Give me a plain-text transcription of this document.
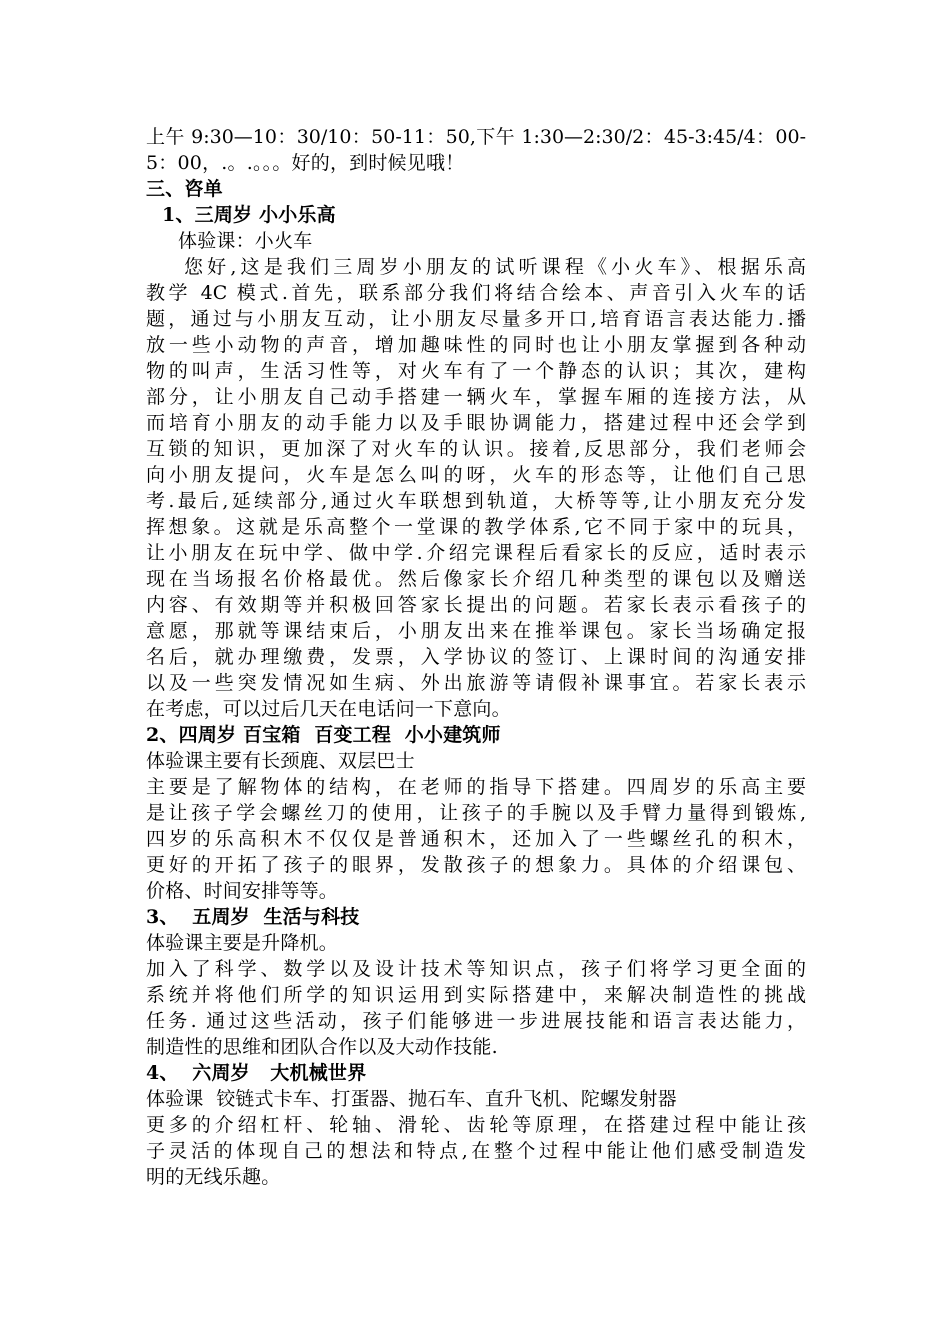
上午 9:30—10：30/10：50-11：50,下午 1:30—2:30/2：45-3:45/4：00-
5：00，.。.。。。好的，到时候见哦！
三、咨单
1、三周岁 小小乐高
体验课：小火车
您好,这是我们三周岁小朋友的试听课程《小火车》、根据乐高
教学 4C 模式.首先，联系部分我们将结合绘本、声音引入火车的话
题，通过与小朋友互动，让小朋友尽量多开口,培育语言表达能力.播
放一些小动物的声音，增加趣味性的同时也让小朋友掌握到各种动
物的叫声，生活习性等，对火车有了一个静态的认识；其次，建构
部分，让小朋友自己动手搭建一辆火车，掌握车厢的连接方法，从
而培育小朋友的动手能力以及手眼协调能力，搭建过程中还会学到
互锁的知识，更加深了对火车的认识。接着,反思部分，我们老师会
向小朋友提问，火车是怎么叫的呀，火车的形态等，让他们自己思
考.最后,延续部分,通过火车联想到轨道，大桥等等,让小朋友充分发
挥想象。这就是乐高整个一堂课的教学体系,它不同于家中的玩具，
让小朋友在玩中学、做中学.介绍完课程后看家长的反应，适时表示
现在当场报名价格最优。然后像家长介绍几种类型的课包以及赠送
内容、有效期等并积极回答家长提出的问题。若家长表示看孩子的
意愿，那就等课结束后，小朋友出来在推举课包。家长当场确定报
名后，就办理缴费，发票，入学协议的签订、上课时间的沟通安排
以及一些突发情况如生病、外出旅游等请假补课事宜。若家长表示
在考虑，可以过后几天在电话问一下意向。
2、四周岁 百宝箱  百变工程  小小建筑师
体验课主要有长颈鹿、双层巴士
主要是了解物体的结构，在老师的指导下搭建。四周岁的乐高主要
是让孩子学会螺丝刀的使用，让孩子的手腕以及手臂力量得到锻炼,
四岁的乐高积木不仅仅是普通积木，还加入了一些螺丝孔的积木，
更好的开拓了孩子的眼界，发散孩子的想象力。具体的介绍课包、
价格、时间安排等等。
3、  五周岁  生活与科技
体验课主要是升降机。
加入了科学、数学以及设计技术等知识点，孩子们将学习更全面的
系统并将他们所学的知识运用到实际搭建中，来解决制造性的挑战
任务. 通过这些活动，孩子们能够进一步进展技能和语言表达能力，
制造性的思维和团队合作以及大动作技能.
4、  六周岁   大机械世界
体验课  铰链式卡车、打蛋器、抛石车、直升飞机、陀螺发射器
更多的介绍杠杆、轮轴、滑轮、齿轮等原理，在搭建过程中能让孩
子灵活的体现自己的想法和特点,在整个过程中能让他们感受制造发
明的无线乐趣。
